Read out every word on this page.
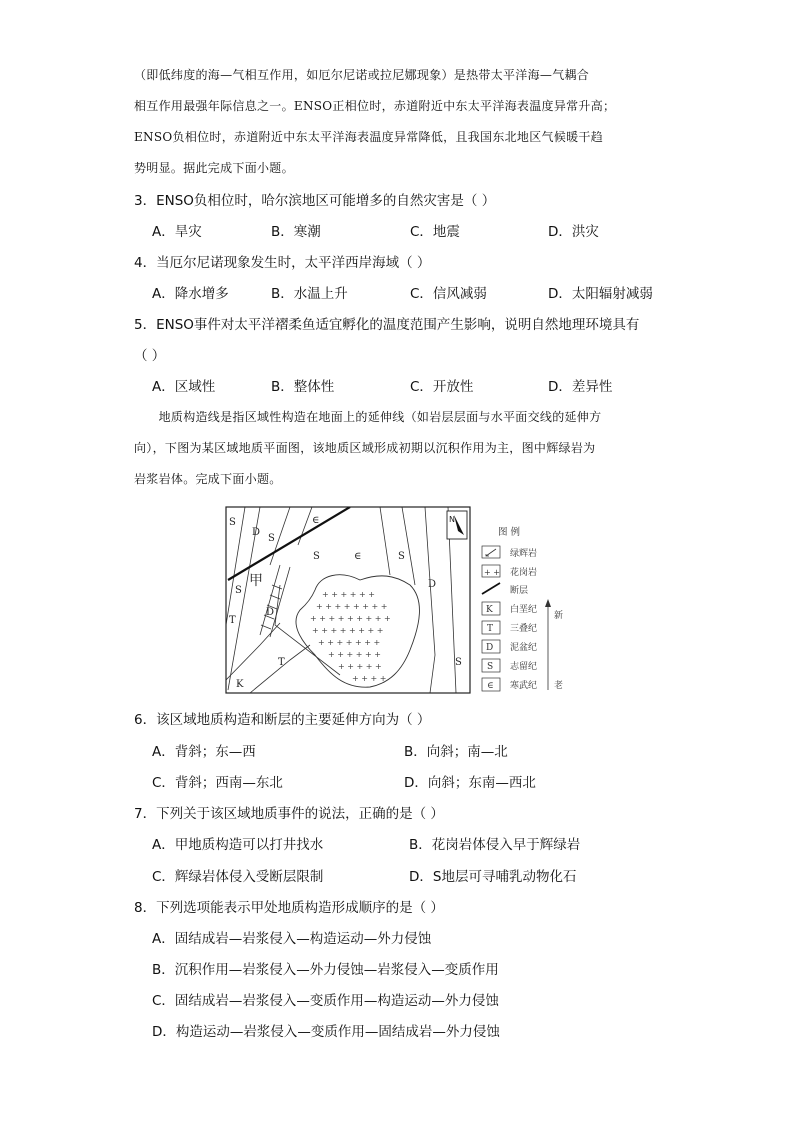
（即低纬度的海—气相互作用，如厄尔尼诺或拉尼娜现象）是热带太平洋海—气耦合
相互作用最强年际信息之一。ENSO正相位时，赤道附近中东太平洋海表温度异常升高；
ENSO负相位时，赤道附近中东太平洋海表温度异常降低，且我国东北地区气候暖干趋
势明显。据此完成下面小题。
3．ENSO负相位时，哈尔滨地区可能增多的自然灾害是（ ）
A．旱灾	B．寒潮	C．地震	D．洪灾
4．当厄尔尼诺现象发生时，太平洋西岸海域（ ）
A．降水增多	B．水温上升	C．信风减弱	D．太阳辐射减弱
5．ENSO事件对太平洋褶柔鱼适宜孵化的温度范围产生影响，说明自然地理环境具有
（ ）
A．区域性	B．整体性	C．开放性	D．差异性
　　地质构造线是指区域性构造在地面上的延伸线（如岩层层面与水平面交线的延伸方
向），下图为某区域地质平面图，该地质区域形成初期以沉积作用为主，图中辉绿岩为
岩浆岩体。完成下面小题。
+ + + + + +
+ + + + + + + +
+ + + + + + + + +
+ + + + + + + +
+ + + + + + +
+ + + + + +
+ + + + +
+ + + +
S
D
S
∈
S	∈	S
D
S
甲
D
T
T	S
K
N
图 例
绿辉岩
+ + 花岗岩
断层
K 白垩纪
T 三叠纪
D 泥盆纪
S 志留纪
∈ 寒武纪
新
老
6．该区域地质构造和断层的主要延伸方向为（ ）
A．背斜；东—西	B．向斜；南—北
C．背斜；西南—东北	D．向斜；东南—西北
7．下列关于该区域地质事件的说法，正确的是（ ）
A．甲地质构造可以打井找水	B．花岗岩体侵入早于辉绿岩
C．辉绿岩体侵入受断层限制	D．S地层可寻哺乳动物化石
8．下列选项能表示甲处地质构造形成顺序的是（ ）
A．固结成岩—岩浆侵入—构造运动—外力侵蚀
B．沉积作用—岩浆侵入—外力侵蚀—岩浆侵入—变质作用
C．固结成岩—岩浆侵入—变质作用—构造运动—外力侵蚀
D．构造运动—岩浆侵入—变质作用—固结成岩—外力侵蚀
